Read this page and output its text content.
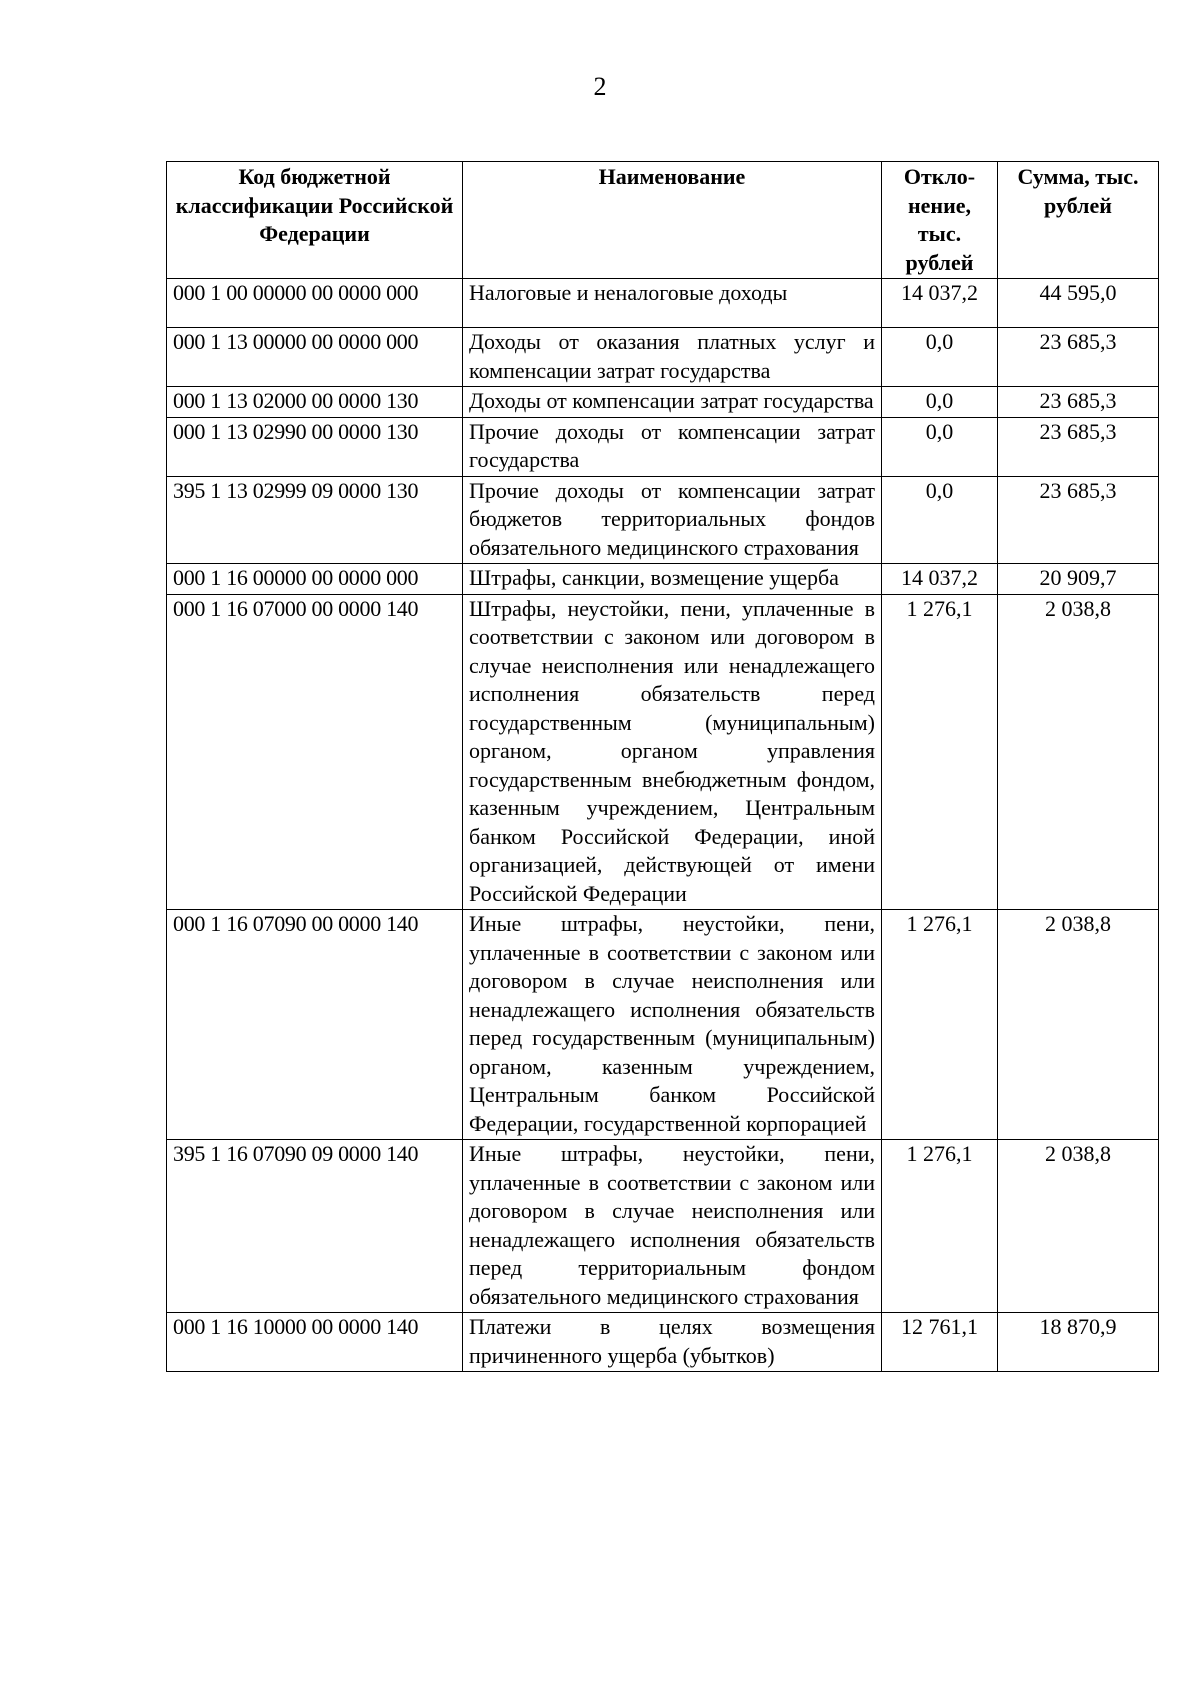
2
Код бюджетной классификации Российской Федерации	Наименование	Откло- нение, тыс. рублей	Сумма, тыс. рублей
000 1 00 00000 00 0000 000	Налоговые и неналоговые доходы	14 037,2	44 595,0
000 1 13 00000 00 0000 000	Доходы от оказания платных услуг и компенсации затрат государства	0,0	23 685,3
000 1 13 02000 00 0000 130	Доходы от компенсации затрат государства	0,0	23 685,3
000 1 13 02990 00 0000 130	Прочие доходы от компенсации затрат государства	0,0	23 685,3
395 1 13 02999 09 0000 130	Прочие доходы от компенсации затрат бюджетов территориальных фондов обязательного медицинского страхования	0,0	23 685,3
000 1 16 00000 00 0000 000	Штрафы, санкции, возмещение ущерба	14 037,2	20 909,7
000 1 16 07000 00 0000 140	Штрафы, неустойки, пени, уплаченные в соответствии с законом или договором в случае неисполнения или ненадлежащего исполнения обязательств перед государственным (муниципальным) органом, органом управления государственным внебюджетным фондом, казенным учреждением, Центральным банком Российской Федерации, иной организацией, действующей от имени Российской Федерации	1 276,1	2 038,8
000 1 16 07090 00 0000 140	Иные штрафы, неустойки, пени, уплаченные в соответствии с законом или договором в случае неисполнения или ненадлежащего исполнения обязательств перед государственным (муниципальным) органом, казенным учреждением, Центральным банком Российской Федерации, государственной корпорацией	1 276,1	2 038,8
395 1 16 07090 09 0000 140	Иные штрафы, неустойки, пени, уплаченные в соответствии с законом или договором в случае неисполнения или ненадлежащего исполнения обязательств перед территориальным фондом обязательного медицинского страхования	1 276,1	2 038,8
000 1 16 10000 00 0000 140	Платежи в целях возмещения причиненного ущерба (убытков)	12 761,1	18 870,9
